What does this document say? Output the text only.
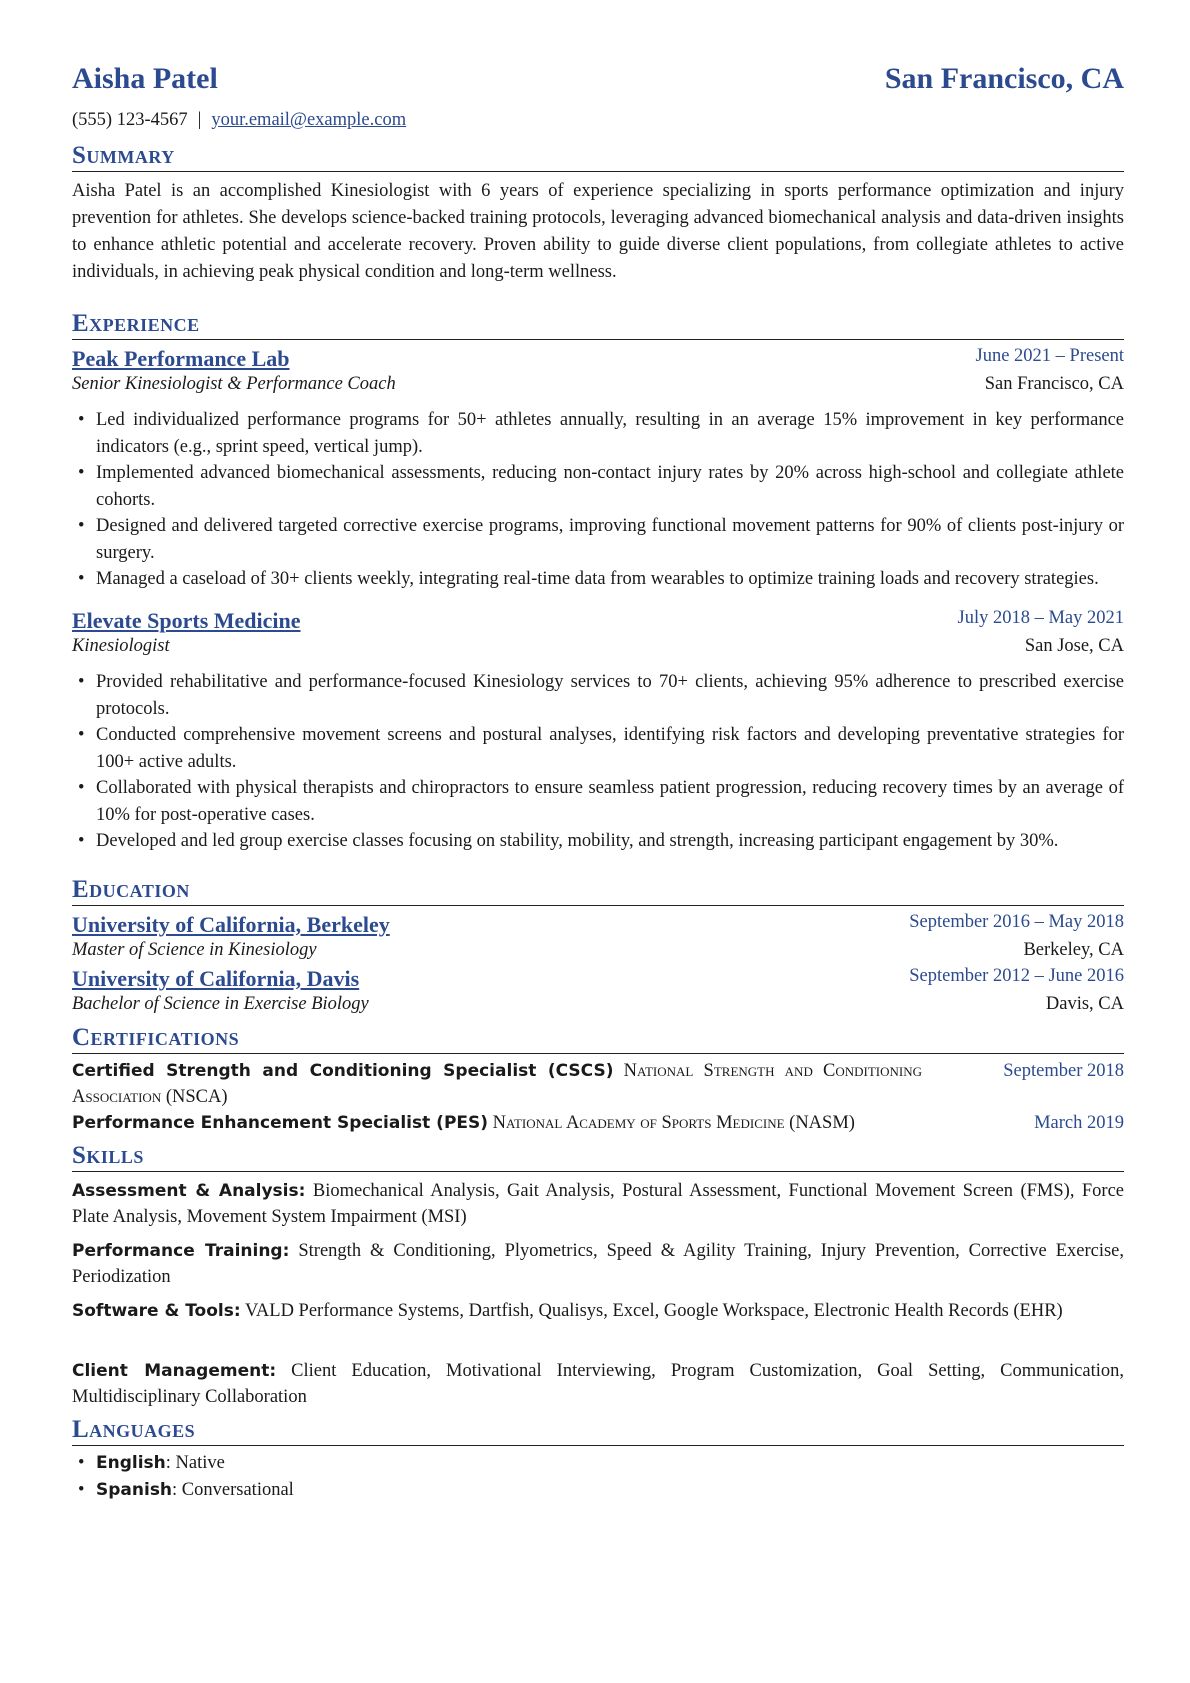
Aisha Patel	San Francisco, CA
(555) 123-4567 | your.email@example.com
Summary
Aisha Patel is an accomplished Kinesiologist with 6 years of experience specializing in sports performance optimization and injury prevention for athletes. She develops science-backed training protocols, leveraging advanced biomechanical analysis and data-driven insights to enhance athletic potential and accelerate recovery. Proven ability to guide diverse client populations, from collegiate athletes to active individuals, in achieving peak physical condition and long-term wellness.
Experience
Peak Performance Lab	June 2021 – Present
Senior Kinesiologist & Performance Coach	San Francisco, CA
• Led individualized performance programs for 50+ athletes annually, resulting in an average 15% improvement in key performance indicators (e.g., sprint speed, vertical jump).
• Implemented advanced biomechanical assessments, reducing non-contact injury rates by 20% across high-school and collegiate athlete cohorts.
• Designed and delivered targeted corrective exercise programs, improving functional movement patterns for 90% of clients post-injury or surgery.
• Managed a caseload of 30+ clients weekly, integrating real-time data from wearables to optimize training loads and recovery strategies.
Elevate Sports Medicine	July 2018 – May 2021
Kinesiologist	San Jose, CA
• Provided rehabilitative and performance-focused Kinesiology services to 70+ clients, achieving 95% adherence to prescribed exercise protocols.
• Conducted comprehensive movement screens and postural analyses, identifying risk factors and developing preventative strategies for 100+ active adults.
• Collaborated with physical therapists and chiropractors to ensure seamless patient progression, reducing recovery times by an average of 10% for post-operative cases.
• Developed and led group exercise classes focusing on stability, mobility, and strength, increasing participant engagement by 30%.
Education
University of California, Berkeley	September 2016 – May 2018
Master of Science in Kinesiology	Berkeley, CA
University of California, Davis	September 2012 – June 2016
Bachelor of Science in Exercise Biology	Davis, CA
Certifications
Certified Strength and Conditioning Specialist (CSCS) National Strength and Conditioning Association (NSCA)
September 2018
Performance Enhancement Specialist (PES) National Academy of Sports Medicine (NASM)	March 2019
Skills
Assessment & Analysis: Biomechanical Analysis, Gait Analysis, Postural Assessment, Functional Movement Screen (FMS), Force Plate Analysis, Movement System Impairment (MSI)
Performance Training: Strength & Conditioning, Plyometrics, Speed & Agility Training, Injury Prevention, Corrective Exercise, Periodization
Software & Tools: VALD Performance Systems, Dartfish, Qualisys, Excel, Google Workspace, Electronic Health Records (EHR)
Client Management: Client Education, Motivational Interviewing, Program Customization, Goal Setting, Communication, Multidisciplinary Collaboration
Languages
• English: Native
• Spanish: Conversational
